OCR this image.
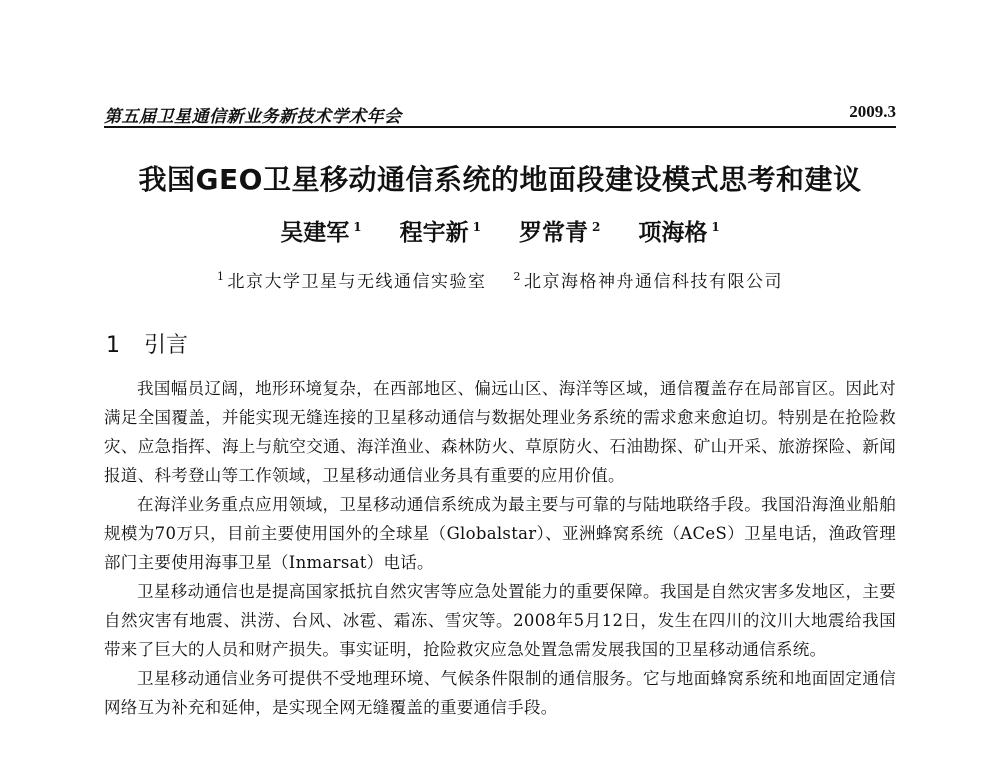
第五届卫星通信新业务新技术学术年会	2009.3
我国GEO卫星移动通信系统的地面段建设模式思考和建议
吴建军 $^1$ 程宇新 $^1$ 罗常青 $^2$ 项海格 $^1$
$^1$ 北京大学卫星与无线通信实验室 $^2$ 北京海格神舟通信科技有限公司
1 引言

我国幅员辽阔，地形环境复杂，在西部地区、偏远山区、海洋等区域，通信覆盖存在局部盲区。因此对满足全国覆盖，并能实现无缝连接的卫星移动通信与数据处理业务系统的需求愈来愈迫切。特别是在抢险救灾、应急指挥、海上与航空交通、海洋渔业、森林防火、草原防火、石油勘探、矿山开采、旅游探险、新闻报道、科考登山等工作领域，卫星移动通信业务具有重要的应用价值。

在海洋业务重点应用领域，卫星移动通信系统成为最主要与可靠的与陆地联络手段。我国沿海渔业船舶规模为70万只，目前主要使用国外的全球星（Globalstar）、亚洲蜂窝系统（ACeS）卫星电话，渔政管理部门主要使用海事卫星（Inmarsat）电话。

卫星移动通信也是提高国家抵抗自然灾害等应急处置能力的重要保障。我国是自然灾害多发地区，主要自然灾害有地震、洪涝、台风、冰雹、霜冻、雪灾等。2008年5月12日，发生在四川的汶川大地震给我国带来了巨大的人员和财产损失。事实证明，抢险救灾应急处置急需发展我国的卫星移动通信系统。

卫星移动通信业务可提供不受地理环境、气候条件限制的通信服务。它与地面蜂窝系统和地面固定通信网络互为补充和延伸，是实现全网无缝覆盖的重要通信手段。
